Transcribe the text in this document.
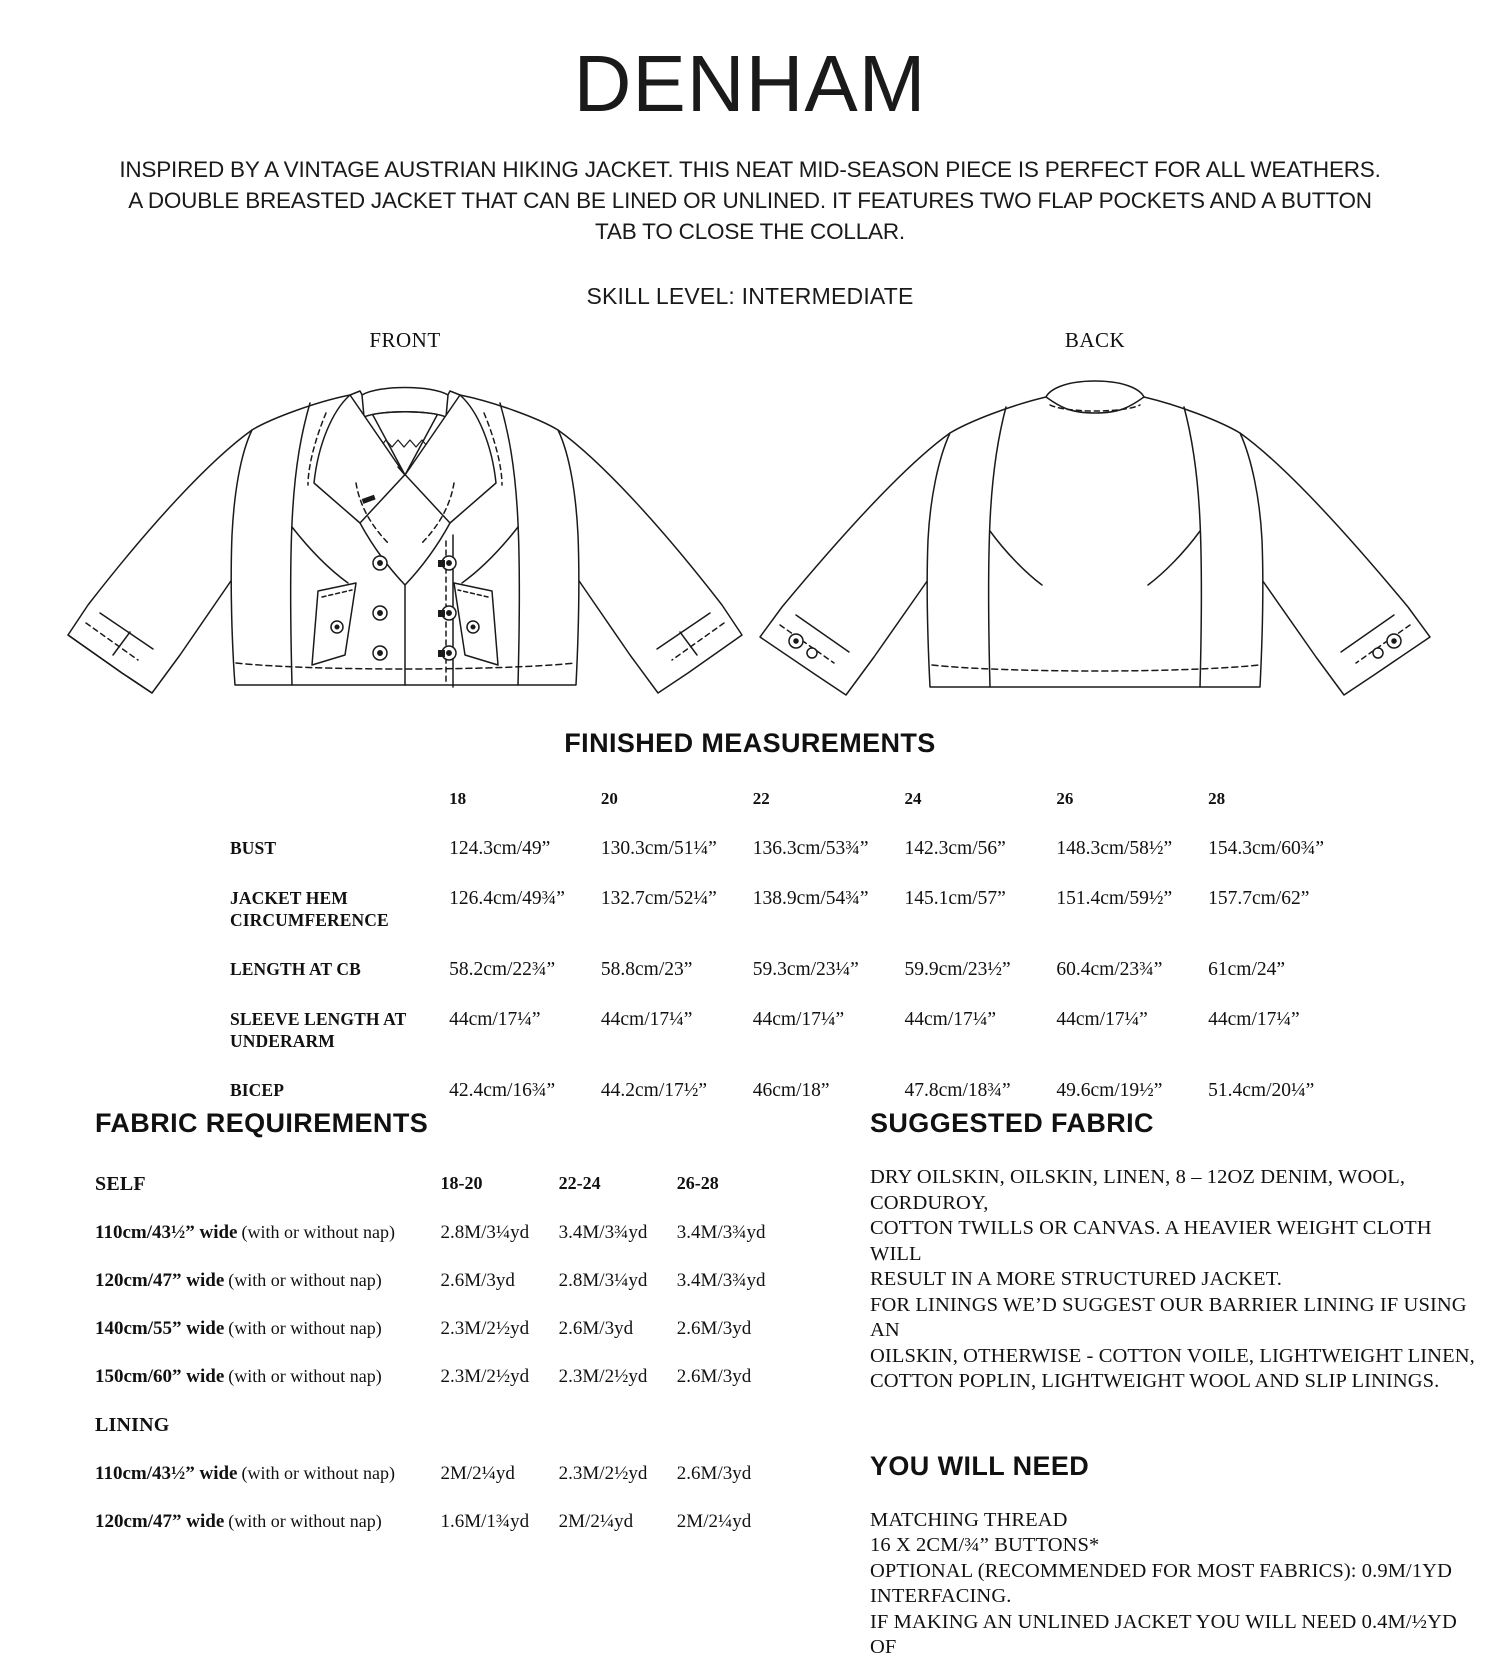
DENHAM
INSPIRED BY A VINTAGE AUSTRIAN HIKING JACKET. THIS NEAT MID-SEASON PIECE IS PERFECT FOR ALL WEATHERS.
A DOUBLE BREASTED JACKET THAT CAN BE LINED OR UNLINED. IT FEATURES TWO FLAP POCKETS AND A BUTTON
TAB TO CLOSE THE COLLAR.
SKILL LEVEL: INTERMEDIATE
FRONT	BACK
FINISHED MEASUREMENTS
	18	20	22	24	26	28
BUST	124.3cm/49”	130.3cm/51¼”	136.3cm/53¾”	142.3cm/56”	148.3cm/58½”	154.3cm/60¾”
JACKET HEM CIRCUMFERENCE	126.4cm/49¾”	132.7cm/52¼”	138.9cm/54¾”	145.1cm/57”	151.4cm/59½”	157.7cm/62”
LENGTH AT CB	58.2cm/22¾”	58.8cm/23”	59.3cm/23¼”	59.9cm/23½”	60.4cm/23¾”	61cm/24”
SLEEVE LENGTH AT UNDERARM	44cm/17¼”	44cm/17¼”	44cm/17¼”	44cm/17¼”	44cm/17¼”	44cm/17¼”
BICEP	42.4cm/16¾”	44.2cm/17½”	46cm/18”	47.8cm/18¾”	49.6cm/19½”	51.4cm/20¼”
FABRIC REQUIREMENTS
SELF	18-20	22-24	26-28
110cm/43½” wide (with or without nap)	2.8M/3¼yd	3.4M/3¾yd	3.4M/3¾yd
120cm/47” wide (with or without nap)	2.6M/3yd	2.8M/3¼yd	3.4M/3¾yd
140cm/55” wide (with or without nap)	2.3M/2½yd	2.6M/3yd	2.6M/3yd
150cm/60” wide (with or without nap)	2.3M/2½yd	2.3M/2½yd	2.6M/3yd
LINING			
110cm/43½” wide (with or without nap)	2M/2¼yd	2.3M/2½yd	2.6M/3yd
120cm/47” wide (with or without nap)	1.6M/1¾yd	2M/2¼yd	2M/2¼yd
SUGGESTED FABRIC

DRY OILSKIN, OILSKIN, LINEN, 8 – 12OZ DENIM, WOOL, CORDUROY,

COTTON TWILLS OR CANVAS. A HEAVIER WEIGHT CLOTH WILL

RESULT IN A MORE STRUCTURED JACKET.

FOR LININGS WE’D SUGGEST OUR BARRIER LINING IF USING AN

OILSKIN, OTHERWISE - COTTON VOILE, LIGHTWEIGHT LINEN,

COTTON POPLIN, LIGHTWEIGHT WOOL AND SLIP LININGS.

YOU WILL NEED

MATCHING THREAD

16 X 2CM/¾” BUTTONS*

OPTIONAL (RECOMMENDED FOR MOST FABRICS): 0.9M/1YD

INTERFACING.

IF MAKING AN UNLINED JACKET YOU WILL NEED 0.4M/½YD OF
